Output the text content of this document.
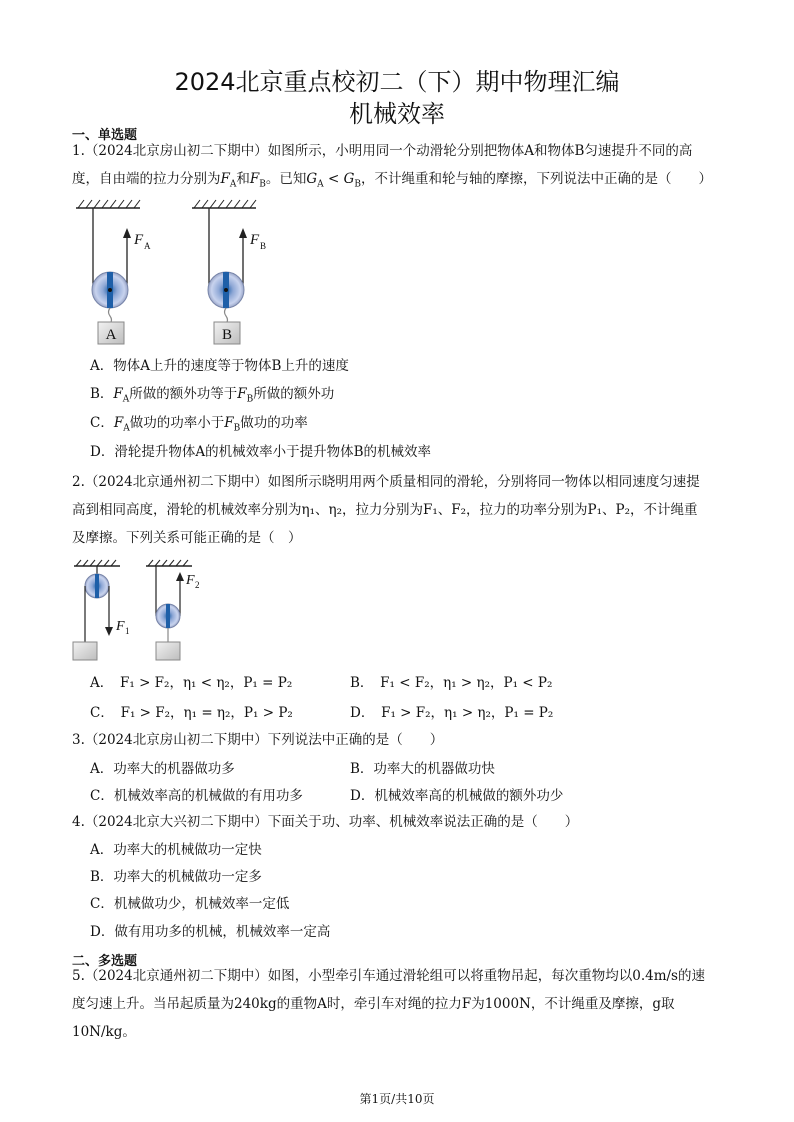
2024北京重点校初二（下）期中物理汇编
机械效率
一、单选题
1.（2024北京房山初二下期中）如图所示，小明用同一个动滑轮分别把物体A和物体B匀速提升不同的高
度，自由端的拉力分别为$F_A$和$F_B$。已知$G_A < G_B$，不计绳重和轮与轴的摩擦，下列说法中正确的是（　　）
A
F A
B
F B
A．物体A上升的速度等于物体B上升的速度
B．$F_A$所做的额外功等于$F_B$所做的额外功
C．$F_A$做功的功率小于$F_B$做功的功率
D．滑轮提升物体A的机械效率小于提升物体B的机械效率
2.（2024北京通州初二下期中）如图所示晓明用两个质量相同的滑轮，分别将同一物体以相同速度匀速提
高到相同高度，滑轮的机械效率分别为η₁、η₂，拉力分别为F₁、F₂，拉力的功率分别为P₁、P₂，不计绳重
及摩擦。下列关系可能正确的是（　）
F 1
F 2
A．　F₁ > F₂，η₁ < η₂，P₁ = P₂	B．　F₁ < F₂，η₁ > η₂，P₁ < P₂
C．　F₁ > F₂，η₁ = η₂，P₁ > P₂	D．　F₁ > F₂，η₁ > η₂，P₁ = P₂
3.（2024北京房山初二下期中）下列说法中正确的是（　　）
A．功率大的机器做功多	B．功率大的机器做功快
C．机械效率高的机械做的有用功多	D．机械效率高的机械做的额外功少
4.（2024北京大兴初二下期中）下面关于功、功率、机械效率说法正确的是（　　）
A．功率大的机械做功一定快
B．功率大的机械做功一定多
C．机械做功少，机械效率一定低
D．做有用功多的机械，机械效率一定高
二、多选题
5.（2024北京通州初二下期中）如图，小型牵引车通过滑轮组可以将重物吊起，每次重物均以0.4m/s的速
度匀速上升。当吊起质量为240kg的重物A时，牵引车对绳的拉力F为1000N，不计绳重及摩擦，g取10N/kg。
第1页/共10页
